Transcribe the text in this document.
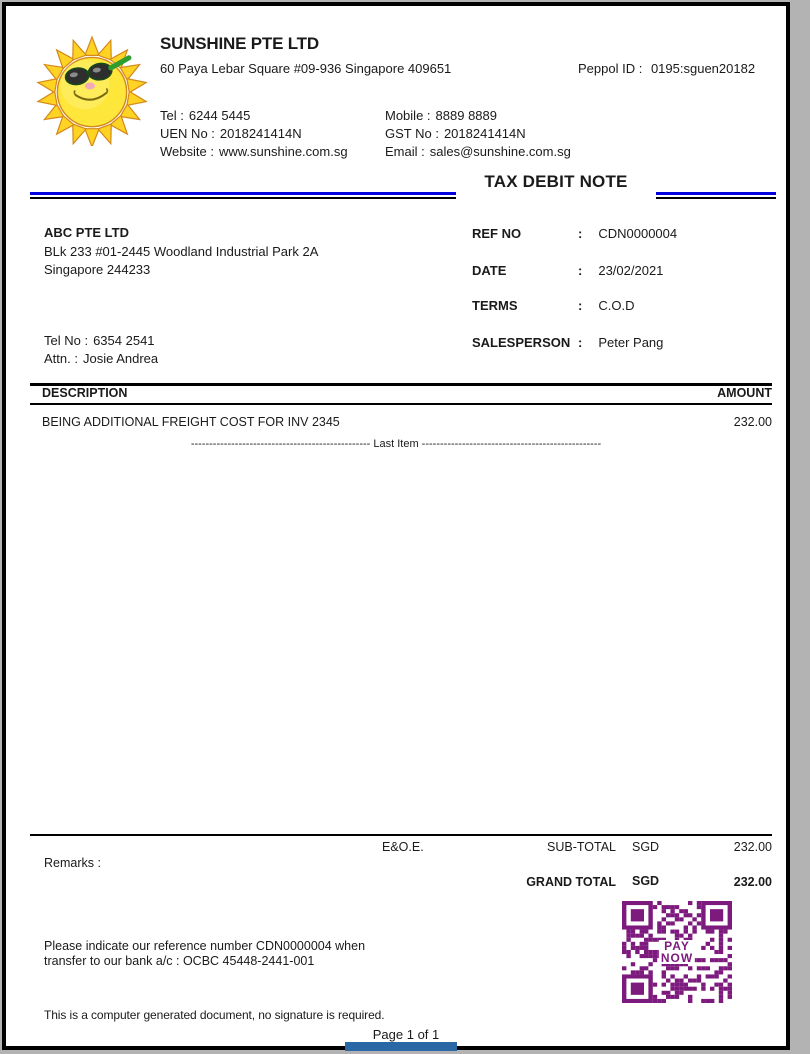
SUNSHINE PTE LTD
60 Paya Lebar Square #09-936 Singapore 409651	Peppol ID : 0195:sguen20182
Tel : 6244 5445
UEN No : 2018241414N
Website : www.sunshine.com.sg
Mobile : 8889 8889
GST No : 2018241414N
Email : sales@sunshine.com.sg
TAX DEBIT NOTE
ABC PTE LTD
BLk 233 #01-2445 Woodland Industrial Park 2A
Singapore 244233
Tel No : 6354 2541
Attn. : Josie Andrea
REF NO	: CDN0000004
DATE	: 23/02/2021
TERMS	: C.O.D
SALESPERSON : Peter Pang
DESCRIPTION	AMOUNT
BEING ADDITIONAL FREIGHT COST FOR INV 2345	232.00
------------------------------------------------- Last Item -------------------------------------------------
E&O.E.	SUB-TOTAL SGD	232.00
Remarks :
GRAND TOTAL SGD	232.00
Please indicate our reference number CDN0000004 when
transfer to our bank a/c : OCBC 45448-2441-001
PAY
NOW
This is a computer generated document, no signature is required.
Page 1 of 1
